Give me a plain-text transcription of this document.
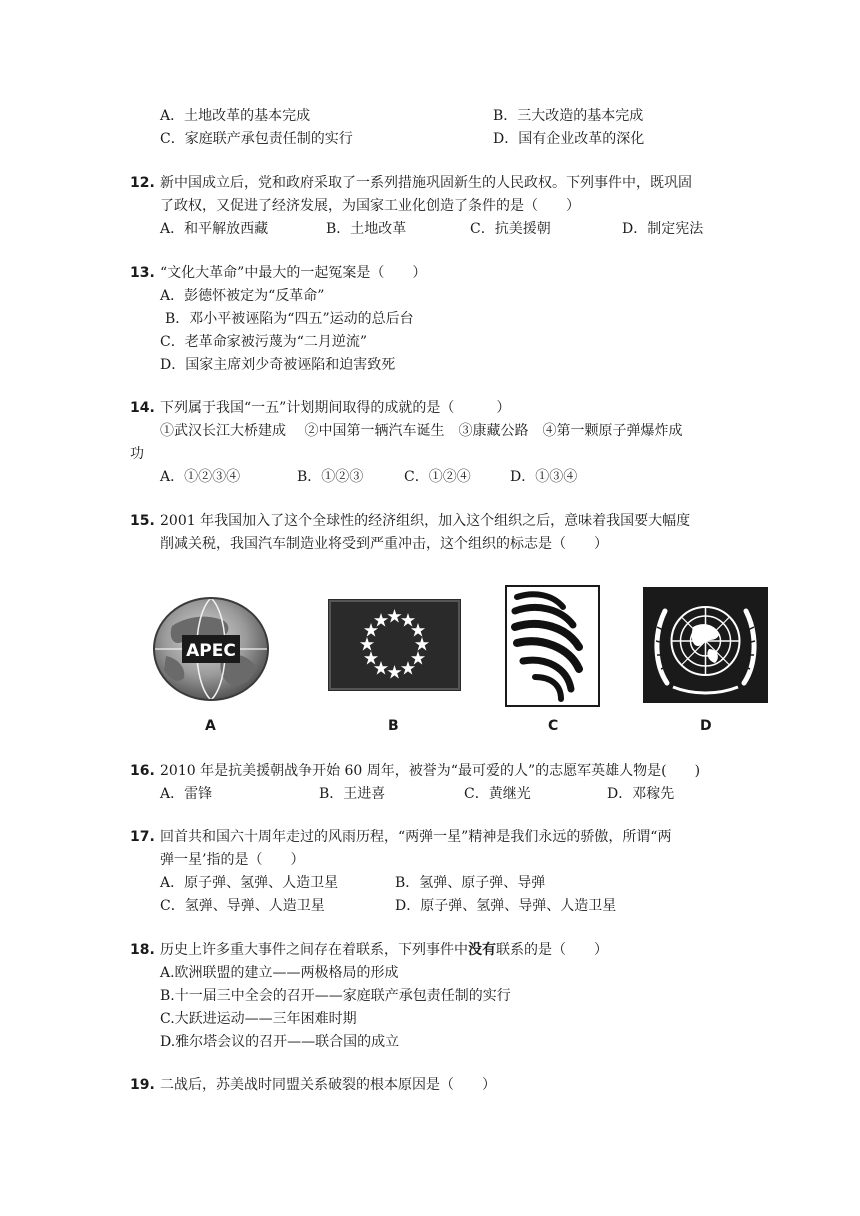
A．土地改革的基本完成	B．三大改造的基本完成
C．家庭联产承包责任制的实行	D．国有企业改革的深化
12. 新中国成立后，党和政府采取了一系列措施巩固新生的人民政权。下列事件中，既巩固
了政权，又促进了经济发展，为国家工业化创造了条件的是（　　）
A．和平解放西藏	B．土地改革	C．抗美援朝	D．制定宪法
13. “文化大革命”中最大的一起冤案是（　　）
A．彭德怀被定为“反革命”
B．邓小平被诬陷为“四五”运动的总后台
C．老革命家被污蔑为“二月逆流”
D．国家主席刘少奇被诬陷和迫害致死
14. 下列属于我国“一五”计划期间取得的成就的是（　　　）
①武汉长江大桥建成　 ②中国第一辆汽车诞生　③康藏公路　④第一颗原子弹爆炸成
功
A．①②③④	B．①②③	C．①②④	D．①③④
15. 2001 年我国加入了这个全球性的经济组织，加入这个组织之后，意味着我国要大幅度
削减关税，我国汽车制造业将受到严重冲击，这个组织的标志是（　　）
APEC
A	B	C	D
16. 2010 年是抗美援朝战争开始 60 周年，被誉为“最可爱的人”的志愿军英雄人物是(　　)
A．雷锋	B．王进喜	C．黄继光	D．邓稼先
17. 回首共和国六十周年走过的风雨历程，“两弹一星”精神是我们永远的骄傲，所谓“两
弹一星’指的是（　　）
A．原子弹、氢弹、人造卫星	B．氢弹、原子弹、导弹
C．氢弹、导弹、人造卫星	D．原子弹、氢弹、导弹、人造卫星
18. 历史上许多重大事件之间存在着联系，下列事件中没有联系的是（　　）
A.欧洲联盟的建立——两极格局的形成
B.十一届三中全会的召开——家庭联产承包责任制的实行
C.大跃进运动——三年困难时期
D.雅尔塔会议的召开——联合国的成立
19. 二战后，苏美战时同盟关系破裂的根本原因是（　　）
